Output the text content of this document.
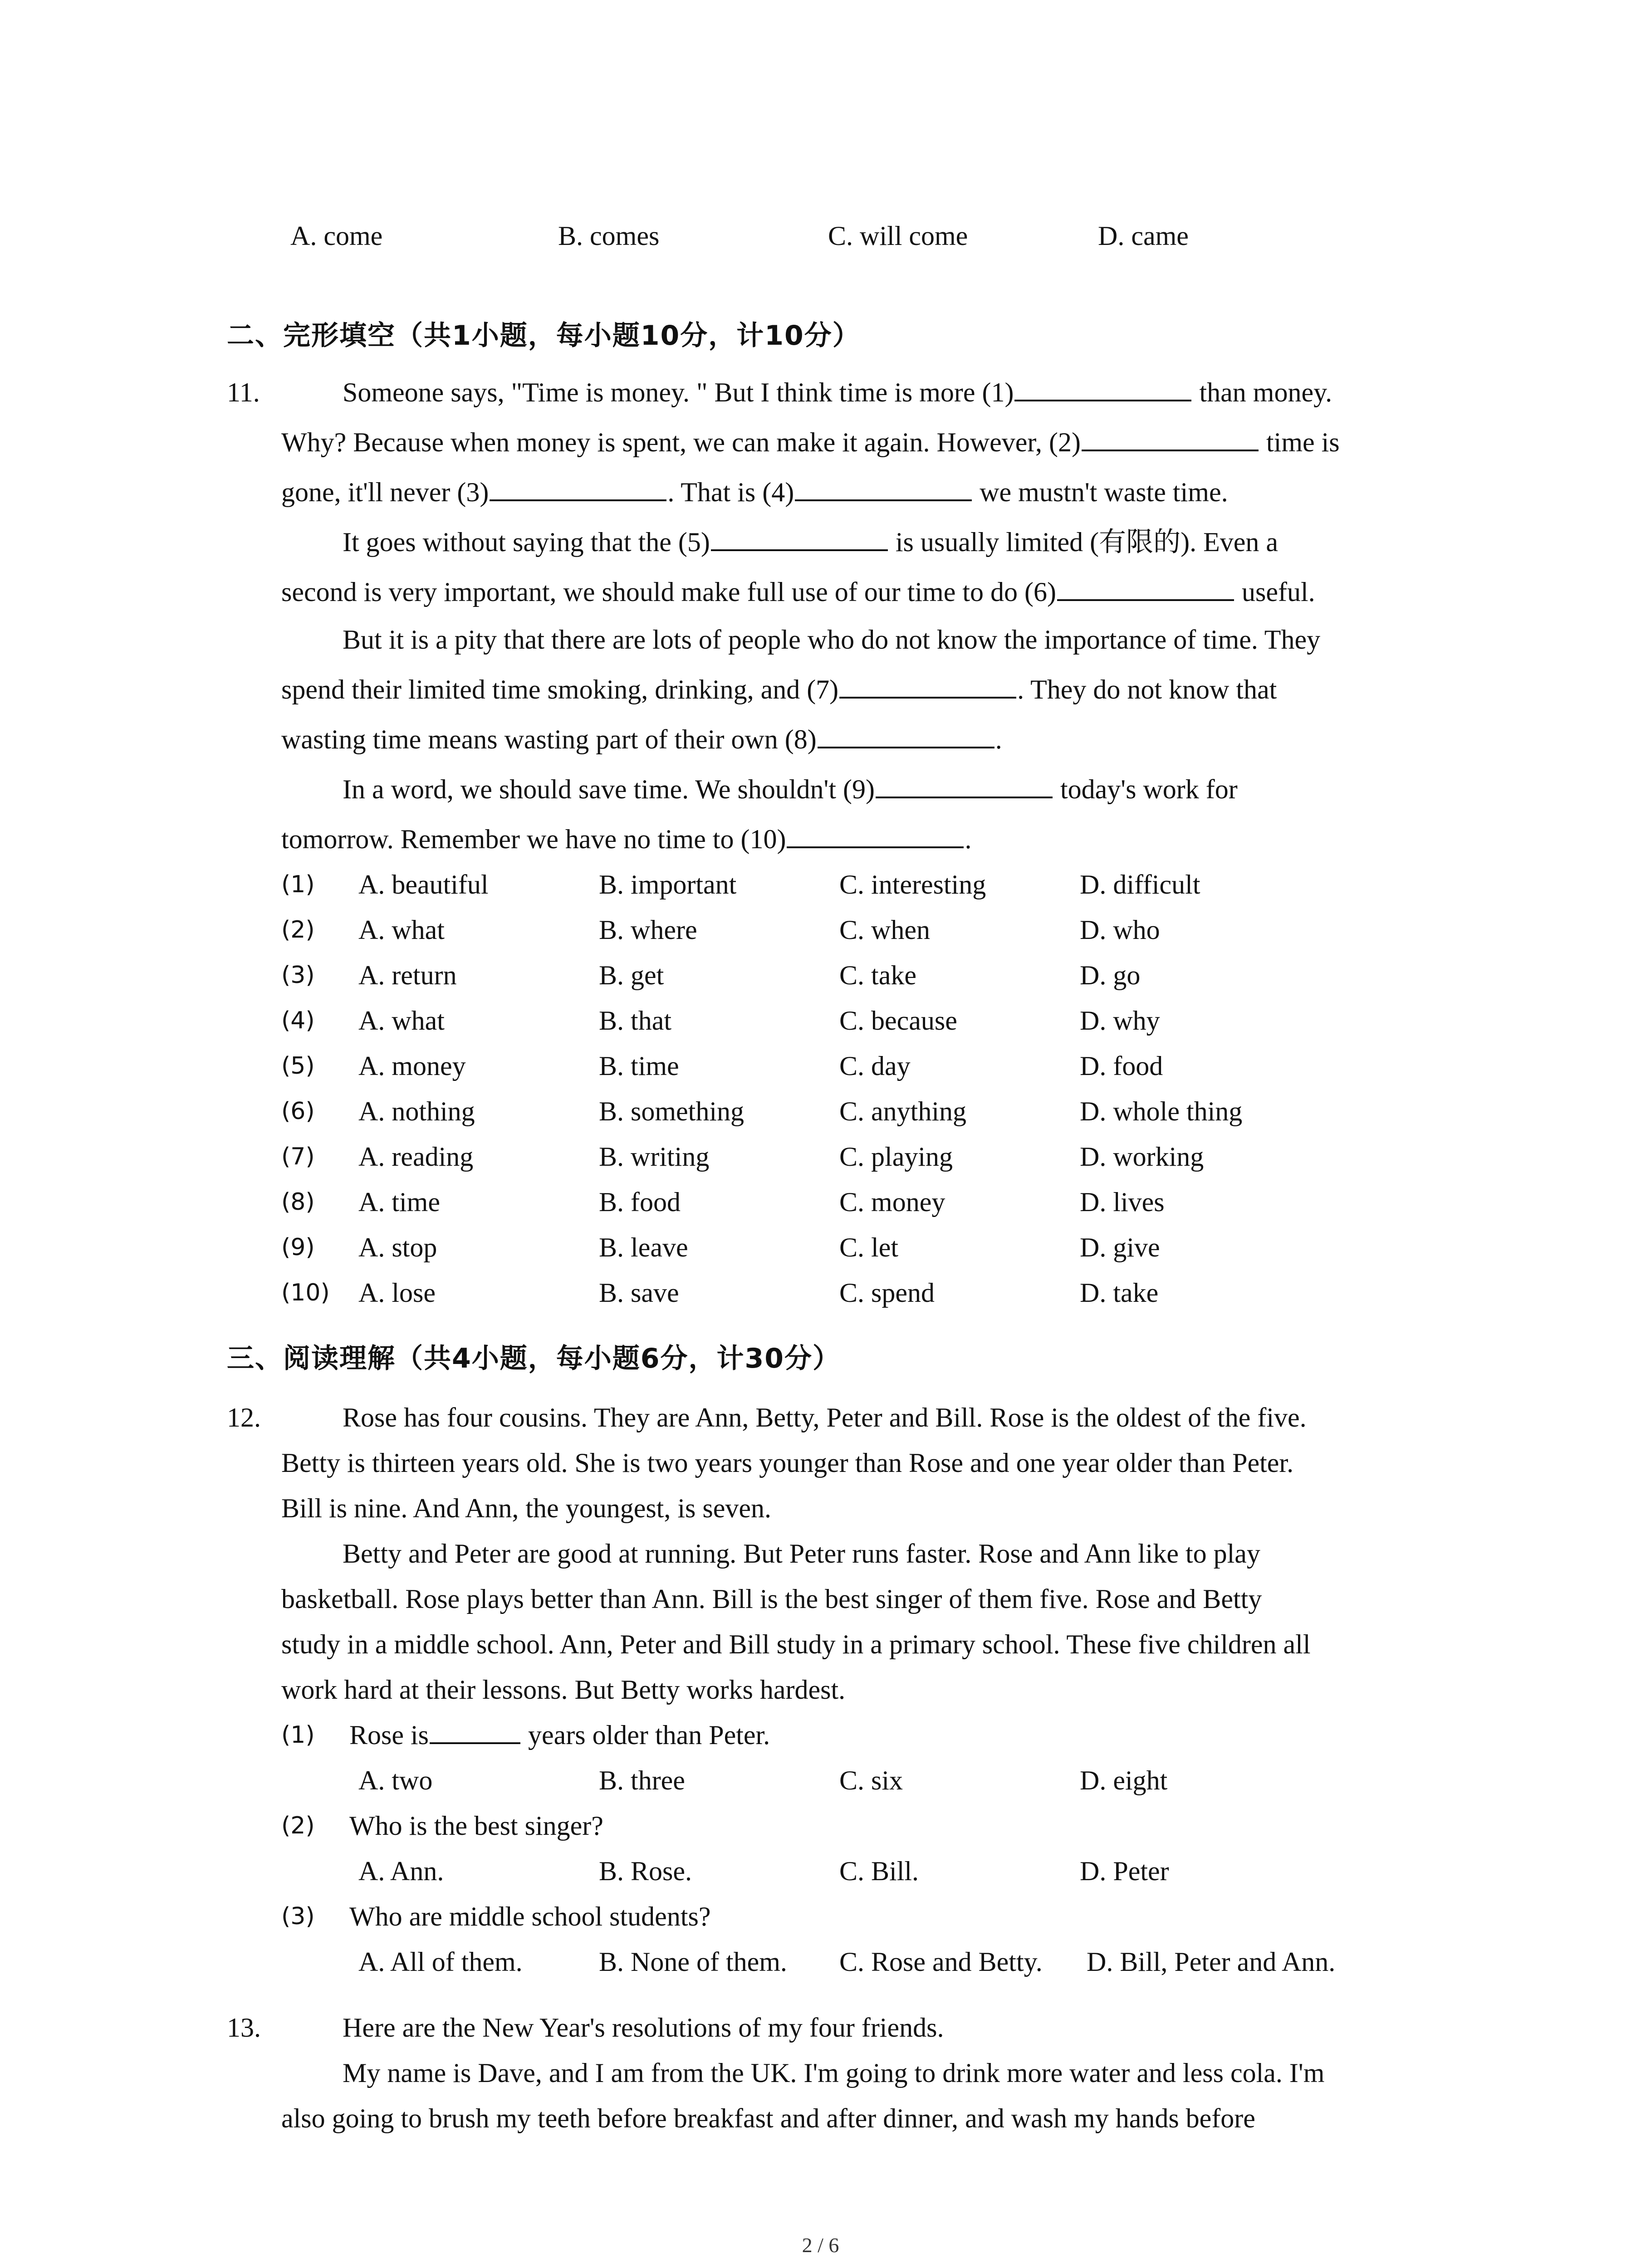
A. come	B. comes	C. will come	D. came
二、完形填空（共1小题，每小题10分，计10分）
11.	Someone says, "Time is money. " But I think time is more (1)	than money.
Why? Because when money is spent, we can make it again. However, (2)	time is
gone, it'll never (3)	. That is (4)	we mustn't waste time.
It goes without saying that the (5)	is usually limited (有限的). Even a
second is very important, we should make full use of our time to do (6)	useful.
But it is a pity that there are lots of people who do not know the importance of time. They
spend their limited time smoking, drinking, and (7)	. They do not know that
wasting time means wasting part of their own (8)	.
In a word, we should save time. We shouldn't (9)	today's work for
tomorrow. Remember we have no time to (10)	.
(1) A. beautiful	B. important	C. interesting	D. difficult
(2) A. what	B. where	C. when	D. who
(3) A. return	B. get	C. take	D. go
(4) A. what	B. that	C. because	D. why
(5) A. money	B. time	C. day	D. food
(6) A. nothing	B. something	C. anything	D. whole thing
(7) A. reading	B. writing	C. playing	D. working
(8) A. time	B. food	C. money	D. lives
(9) A. stop	B. leave	C. let	D. give
(10) A. lose	B. save	C. spend	D. take
三、阅读理解（共4小题，每小题6分，计30分）
12.	Rose has four cousins. They are Ann, Betty, Peter and Bill. Rose is the oldest of the five.
Betty is thirteen years old. She is two years younger than Rose and one year older than Peter.
Bill is nine. And Ann, the youngest, is seven.
Betty and Peter are good at running. But Peter runs faster. Rose and Ann like to play
basketball. Rose plays better than Ann. Bill is the best singer of them five. Rose and Betty
study in a middle school. Ann, Peter and Bill study in a primary school. These five children all
work hard at their lessons. But Betty works hardest.
(1) Rose is	years older than Peter.
A. two	B. three	C. six	D. eight
(2) Who is the best singer?
A. Ann.	B. Rose.	C. Bill.	D. Peter
(3) Who are middle school students?
A. All of them.	B. None of them. C. Rose and Betty. D. Bill, Peter and Ann.
13.	Here are the New Year's resolutions of my four friends.
My name is Dave, and I am from the UK. I'm going to drink more water and less cola. I'm
also going to brush my teeth before breakfast and after dinner, and wash my hands before
2 / 6
